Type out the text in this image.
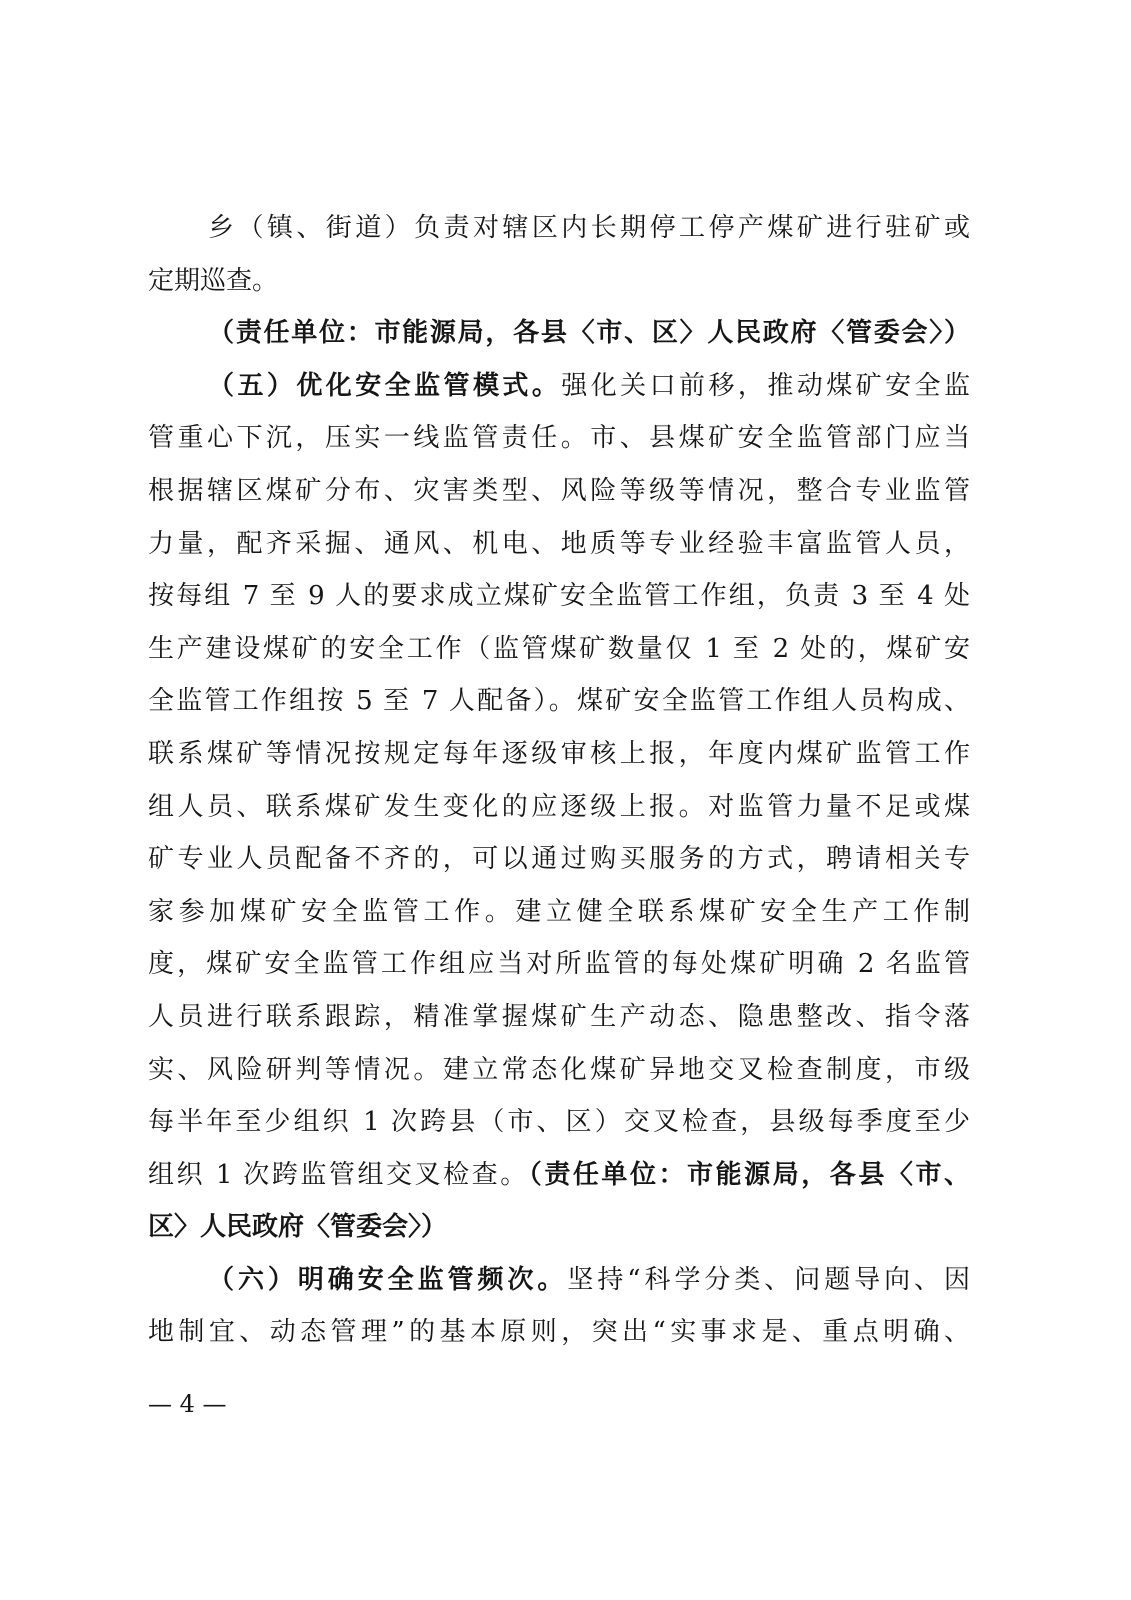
乡（镇、街道）负责对辖区内长期停工停产煤矿进行驻矿或
定期巡查。
（责任单位：市能源局，各县〈市、区〉人民政府〈管委会〉）
（五）优化安全监管模式。强化关口前移，推动煤矿安全监
管重心下沉，压实一线监管责任。市、县煤矿安全监管部门应当
根据辖区煤矿分布、灾害类型、风险等级等情况，整合专业监管
力量，配齐采掘、通风、机电、地质等专业经验丰富监管人员，
按每组 7 至 9 人的要求成立煤矿安全监管工作组，负责 3 至 4 处
生产建设煤矿的安全工作（监管煤矿数量仅 1 至 2 处的，煤矿安
全监管工作组按 5 至 7 人配备）。煤矿安全监管工作组人员构成、
联系煤矿等情况按规定每年逐级审核上报，年度内煤矿监管工作
组人员、联系煤矿发生变化的应逐级上报。对监管力量不足或煤
矿专业人员配备不齐的，可以通过购买服务的方式，聘请相关专
家参加煤矿安全监管工作。建立健全联系煤矿安全生产工作制
度，煤矿安全监管工作组应当对所监管的每处煤矿明确 2 名监管
人员进行联系跟踪，精准掌握煤矿生产动态、隐患整改、指令落
实、风险研判等情况。建立常态化煤矿异地交叉检查制度，市级
每半年至少组织 1 次跨县（市、区）交叉检查，县级每季度至少
组织 1 次跨监管组交叉检查。（责任单位：市能源局，各县〈市、
区〉人民政府〈管委会〉）
（六）明确安全监管频次。坚持“科学分类、问题导向、因
地制宜、动态管理”的基本原则，突出“实事求是、重点明确、
— 4 —
